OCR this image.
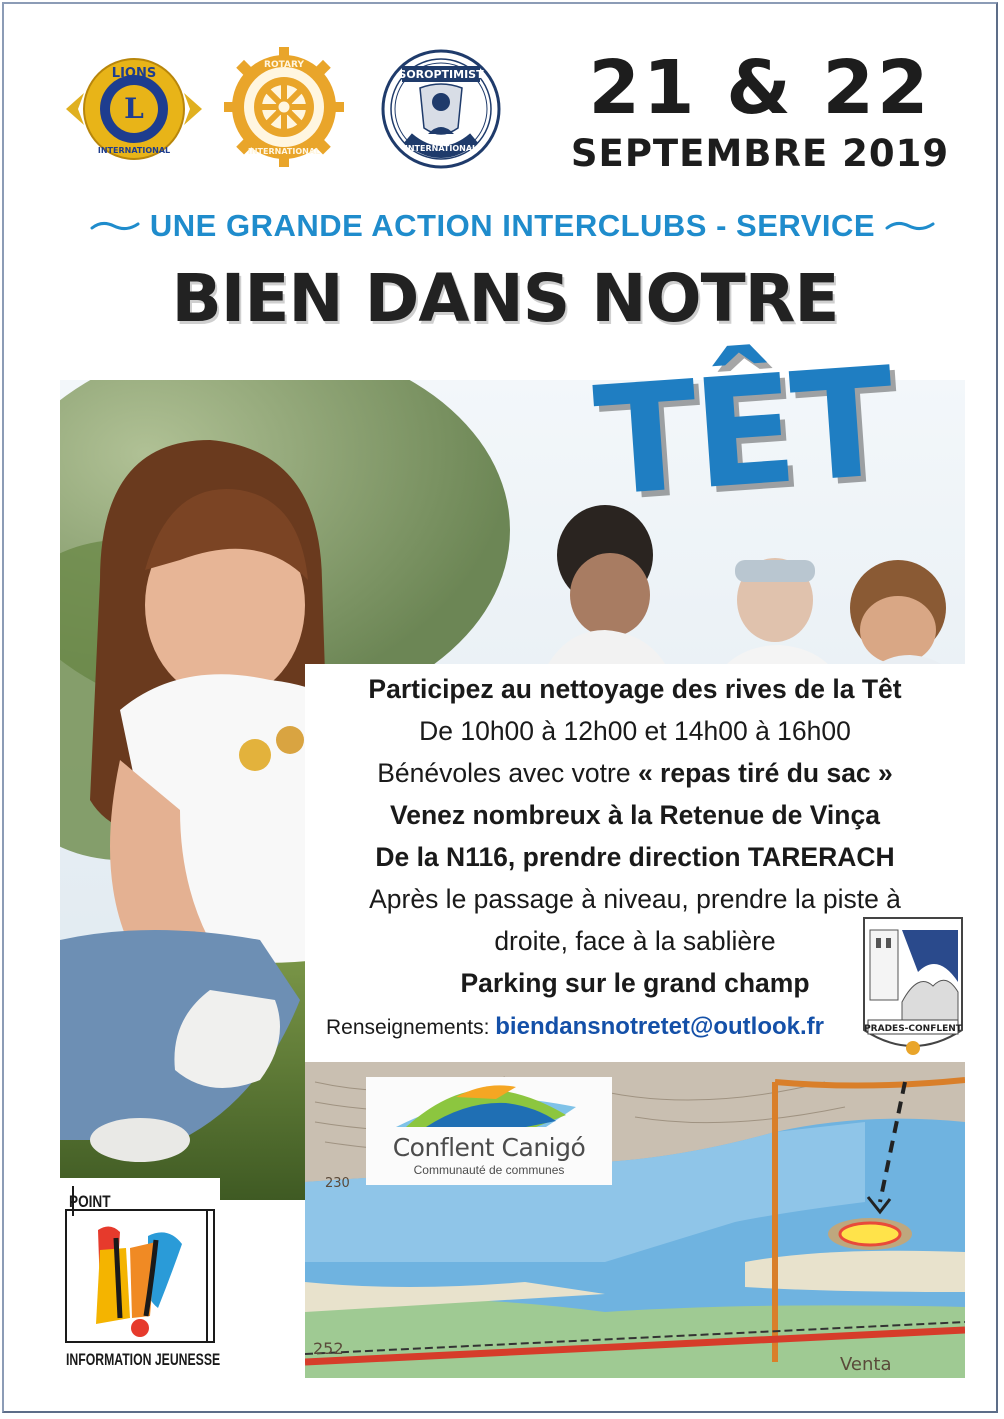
L
LIONS
INTERNATIONAL
ROTARY
INTERNATIONAL
SOROPTIMIST
INTERNATIONAL
21 & 22
SEPTEMBRE 2019
UNE GRANDE ACTION INTERCLUBS - SERVICE
BIEN DANS NOTRE
TÊT
Participez au nettoyage des rives de la Têt
De 10h00 à 12h00 et 14h00 à 16h00
Bénévoles avec votre « repas tiré du sac »
Venez nombreux à la Retenue de Vinça
De la N116, prendre direction TARERACH
Après le passage à niveau, prendre la piste à
droite, face à la sablière
Parking sur le grand champ
Renseignements: biendansnotretet@outlook.fr
230
252
Venta
Conflent Canigó
Communauté de communes
PRADES-CONFLENT
POINT
INFORMATION JEUNESSE
